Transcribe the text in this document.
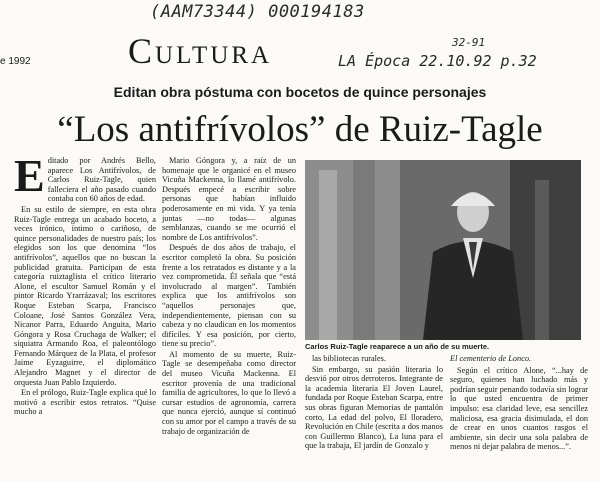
(AAM73344) 000194183
32-91
LA Época 22.10.92 p.32
e 1992	Cultura
Editan obra póstuma con bocetos de quince personajes
“Los antifrívolos” de Ruiz-Tagle
E ditado por Andrés Bello, aparece Los Antifrívolos, de Carlos Ruiz-Tagle, quien falleciera el año pasado cuando contaba con 60 años de edad.

En su estilo de siempre, en esta obra Ruiz-Tagle entrega un acabado boceto, a veces irónico, íntimo o cariñoso, de quince personalidades de nuestro país; los elegidos son los que denomina “los antifrívolos”, aquellos que no buscan la publicidad gratuita. Participan de esta categoría ruiztaglista el crítico literario Alone, el escultor Samuel Román y el pintor Ricardo Yrarrázaval; los escritores Roque Esteban Scarpa, Francisco Coloane, José Santos González Vera, Nicanor Parra, Eduardo Anguita, Mario Góngora y Rosa Cruchaga de Walker; el siquiatra Armando Roa, el paleontólogo Fernando Márquez de la Plata, el profesor Jaime Eyzaguirre, el diplomático Alejandro Magnet y el director de orquesta Juan Pablo Izquierdo.

En el prólogo, Ruiz-Tagle explica qué lo motivó a escribir estos retratos. “Quise mucho a

Mario Góngora y, a raíz de un homenaje que le organicé en el museo Vicuña Mackenna, lo llamé antifrívolo. Después empecé a escribir sobre personas que habían influido poderosamente en mi vida. Y ya tenía juntas —no todas— algunas semblanzas, cuando se me ocurrió el nombre de Los antifrívolos”.

Después de dos años de trabajo, el escritor completó la obra. Su posición frente a los retratados es distante y a la vez comprometida. Él señala que “está involucrado al margen”. También explica que los antifrívolos son “aquellos personajes que, independientemente, piensan con su cabeza y no claudican en los momentos difíciles. Y esa posición, por cierto, tiene su precio”.

Al momento de su muerte, Ruiz-Tagle se desempeñaba como director del museo Vicuña Mackenna. El escritor provenía de una tradicional familia de agricultores, lo que lo llevó a cursar estudios de agronomía, carrera que nunca ejerció, aunque sí continuó con su amor por el campo a través de su trabajo de organización de

Carlos Ruiz-Tagle reaparece a un año de su muerte.

las bibliotecas rurales.

Sin embargo, su pasión literaria lo desvió por otros derroteros. Integrante de la academia literaria El Joven Laurel, fundada por Roque Esteban Scarpa, entre sus obras figuran Memorias de pantalón corto, La edad del polvo, El lloradero, Revolución en Chile (escrita a dos manos con Guillermo Blanco), La luna para el que la trabaja, El jardín de Gonzalo y

El cementerio de Lonco.

Según el crítico Alone, “...hay de seguro, quienes han luchado más y podrían seguir penando todavía sin lograr lo que usted encuentra de primer impulso: esa claridad leve, esa sencillez maliciosa, esa gracia disimulada, el don de crear en unos cuantos rasgos el ambiente, sin decir una sola palabra de menos ni dejar palabra de menos...”.
